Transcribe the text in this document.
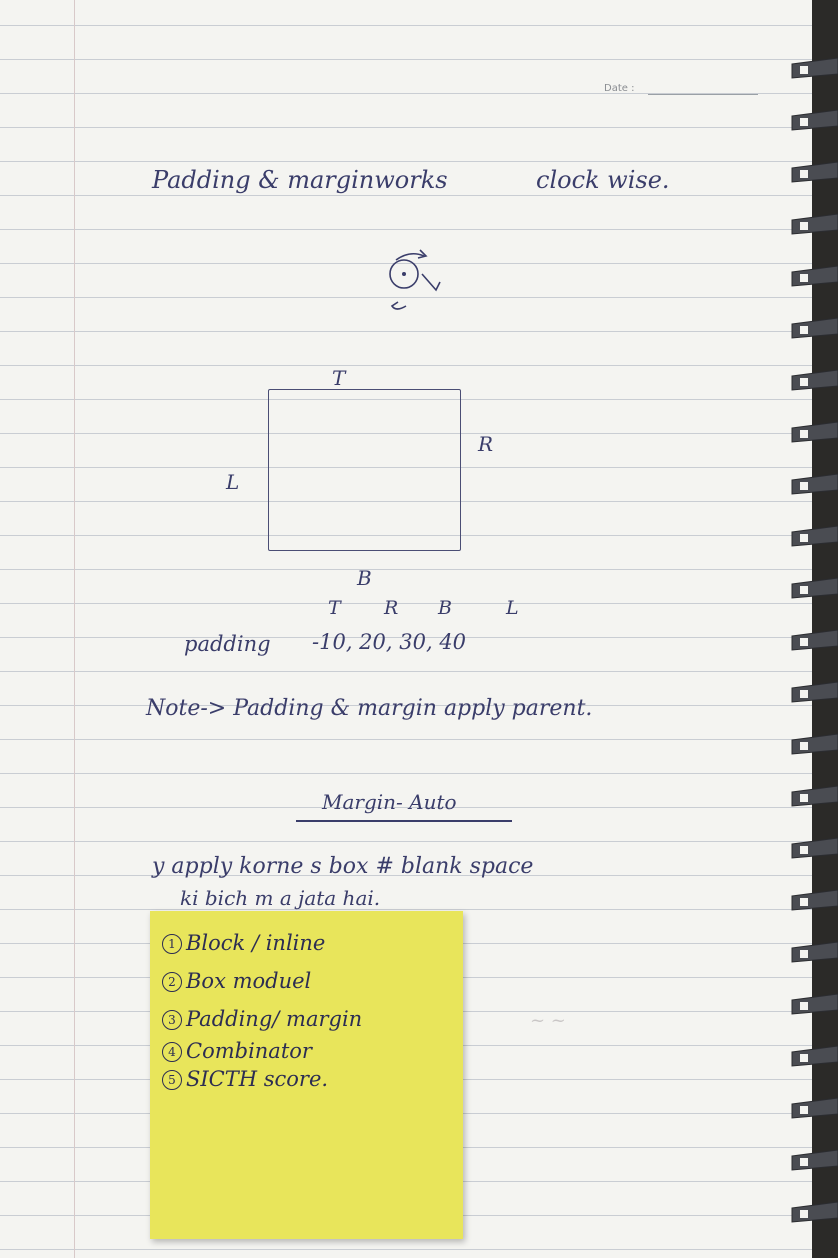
Date :
Padding & marginworks	clock wise.
T
R
B
L
T R B	L
padding -10, 20, 30, 40
Note-> Padding & margin apply parent.
Margin- Auto
y apply korne s box # blank space
ki bich m a jata hai.
~ ~
1 Block / inline
2 Box moduel
3 Padding/ margin
4 Combinator
5 SICTH score.
